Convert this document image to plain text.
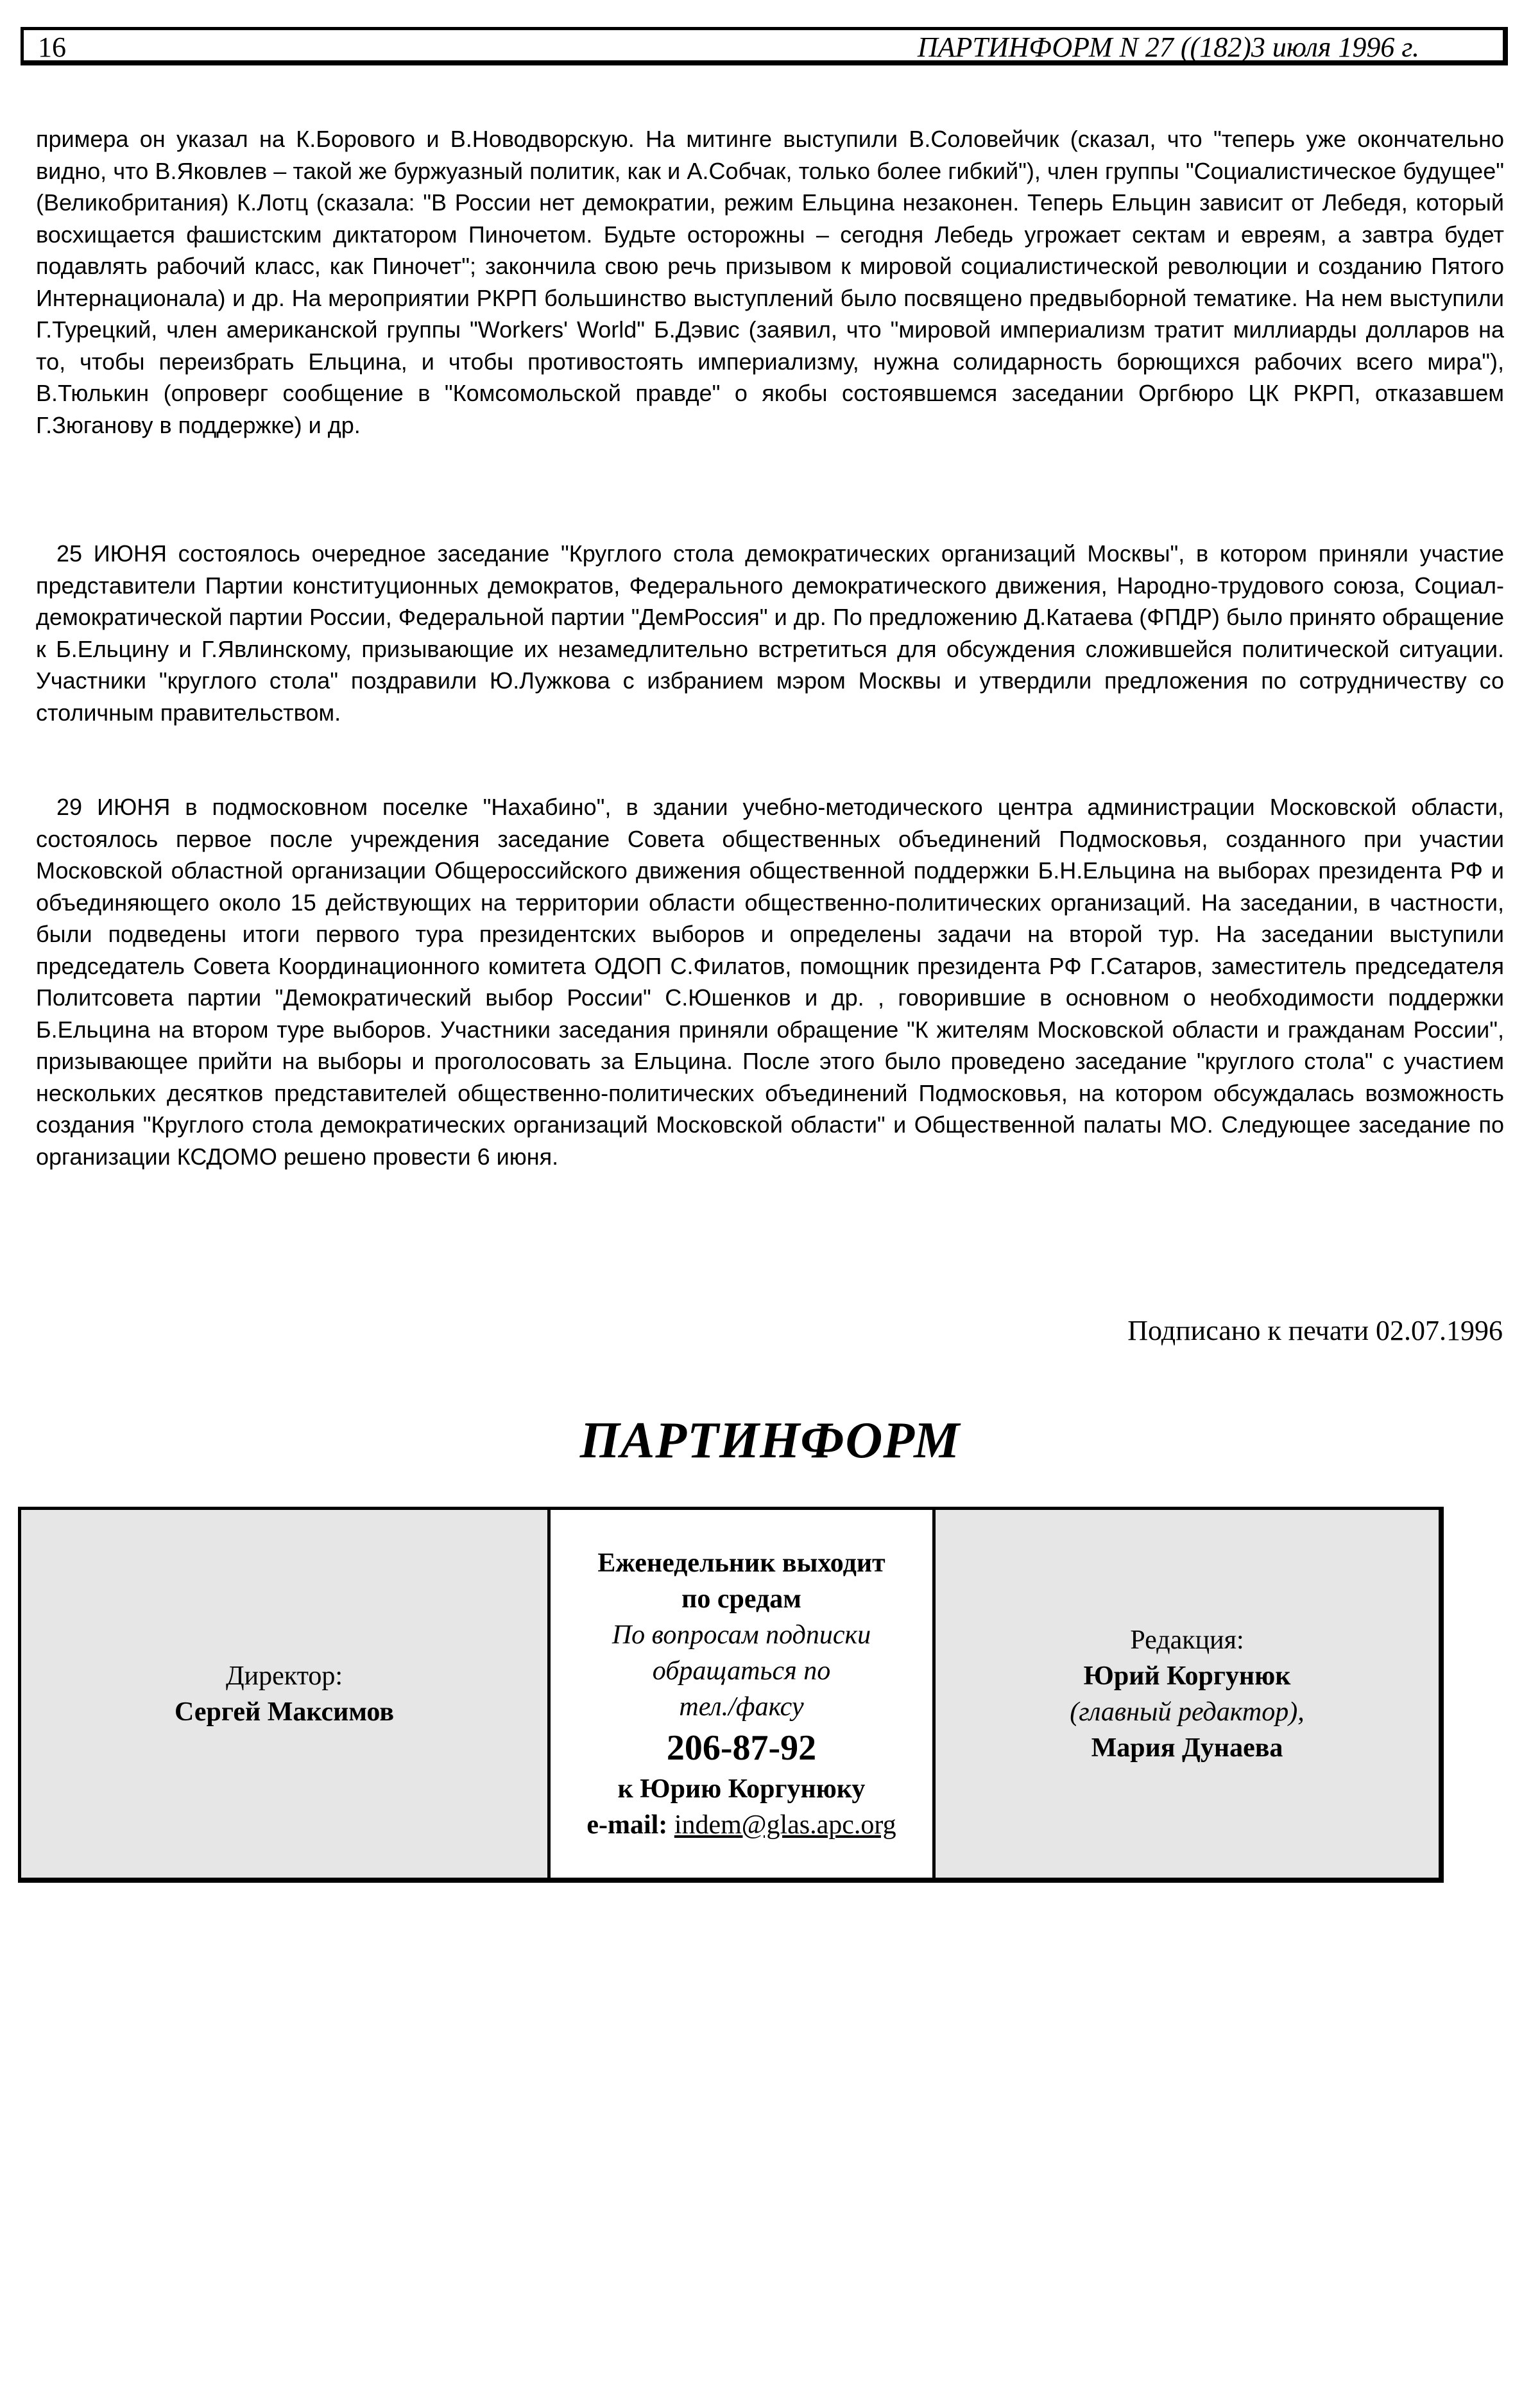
16	ПАРТИНФОРМ N 27 ((182)3 июля 1996 г.

примера он указал на К.Борового и В.Новодворскую. На митинге выступили В.Соловейчик (сказал, что "теперь уже окончательно видно, что В.Яковлев – такой же буржуазный политик, как и А.Собчак, только более гибкий"), член группы "Социалистическое будущее" (Великобритания) К.Лотц (сказала: "В России нет демократии, режим Ельцина незаконен. Теперь Ельцин зависит от Лебедя, который восхищается фашистским диктатором Пиночетом. Будьте осторожны – сегодня Лебедь угрожает сектам и евреям, а завтра будет подавлять рабочий класс, как Пиночет"; закончила свою речь призывом к мировой социалистической революции и созданию Пятого Интернационала) и др. На мероприятии РКРП большинство выступлений было посвящено предвыборной тематике. На нем выступили Г.Турецкий, член американской группы "Workers' World" Б.Дэвис (заявил, что "мировой империализм тратит миллиарды долларов на то, чтобы переизбрать Ельцина, и чтобы противостоять империализму, нужна солидарность борющихся рабочих всего мира"), В.Тюлькин (опроверг сообщение в "Комсомольской правде" о якобы состоявшемся заседании Оргбюро ЦК РКРП, отказавшем Г.Зюганову в поддержке) и др.

25 ИЮНЯ состоялось очередное заседание "Круглого стола демократических организаций Москвы", в котором приняли участие представители Партии конституционных демократов, Федерального демократического движения, Народно-трудового союза, Социал-демократической партии России, Федеральной партии "ДемРоссия" и др. По предложению Д.Катаева (ФПДР) было принято обращение к Б.Ельцину и Г.Явлинскому, призывающие их незамедлительно встретиться для обсуждения сложившейся политической ситуации. Участники "круглого стола" поздравили Ю.Лужкова с избранием мэром Москвы и утвердили предложения по сотрудничеству со столичным правительством.

29 ИЮНЯ в подмосковном поселке "Нахабино", в здании учебно-методического центра администрации Московской области, состоялось первое после учреждения заседание Совета общественных объединений Подмосковья, созданного при участии Московской областной организации Общероссийского движения общественной поддержки Б.Н.Ельцина на выборах президента РФ и объединяющего около 15 действующих на территории области общественно-политических организаций. На заседании, в частности, были подведены итоги первого тура президентских выборов и определены задачи на второй тур. На заседании выступили председатель Совета Координационного комитета ОДОП С.Филатов, помощник президента РФ Г.Сатаров, заместитель председателя Политсовета партии "Демократический выбор России" С.Юшенков и др. , говорившие в основном о необходимости поддержки Б.Ельцина на втором туре выборов. Участники заседания приняли обращение "К жителям Московской области и гражданам России", призывающее прийти на выборы и проголосовать за Ельцина. После этого было проведено заседание "круглого стола" с участием нескольких десятков представителей общественно-политических объединений Подмосковья, на котором обсуждалась возможность создания "Круглого стола демократических организаций Московской области" и Общественной палаты МО. Следующее заседание по организации КСДОМО решено провести 6 июня.

Подписано к печати 02.07.1996
ПАРТИНФОРМ
Директор:
Сергей Максимов
Еженедельник выходит
по средам
По вопросам подписки
обращаться по
тел./факсу
206-87-92
к Юрию Коргунюку
e-mail: indem@glas.apc.org
Редакция:
Юрий Коргунюк
(главный редактор),
Мария Дунаева
